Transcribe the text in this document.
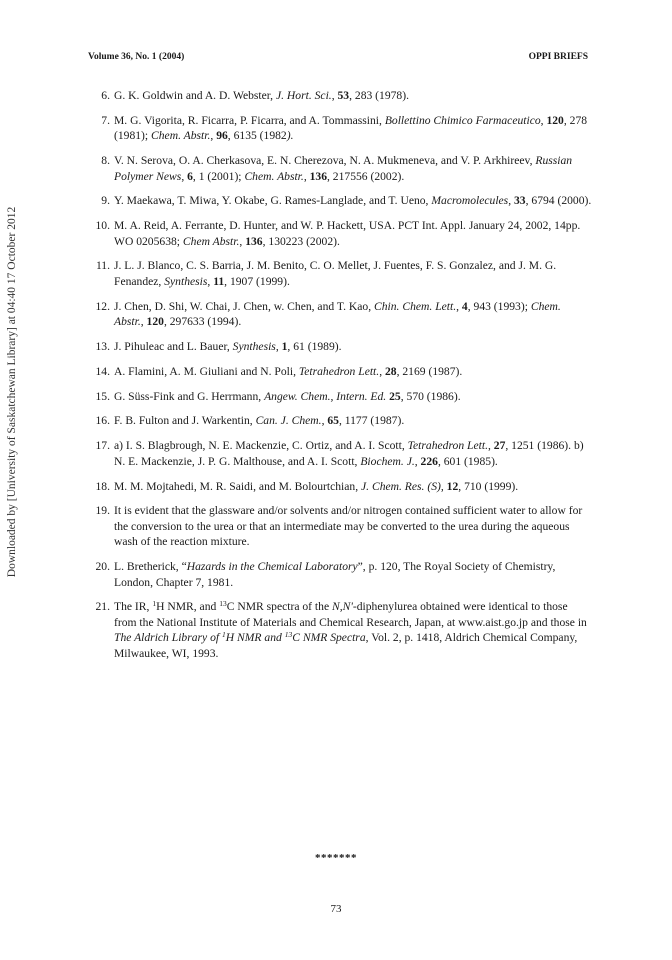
Volume 36, No. 1 (2004)	OPPI BRIEFS
Downloaded by [University of Saskatchewan Library] at 04:40 17 October 2012
6. G. K. Goldwin and A. D. Webster, J. Hort. Sci., 53, 283 (1978).
7. M. G. Vigorita, R. Ficarra, P. Ficarra, and A. Tommassini, Bollettino Chimico Farmaceutico, 120, 278 (1981); Chem. Abstr., 96, 6135 (1982).
8. V. N. Serova, O. A. Cherkasova, E. N. Cherezova, N. A. Mukmeneva, and V. P. Arkhireev, Russian Polymer News, 6, 1 (2001); Chem. Abstr., 136, 217556 (2002).
9. Y. Maekawa, T. Miwa, Y. Okabe, G. Rames-Langlade, and T. Ueno, Macromolecules, 33, 6794 (2000).
10. M. A. Reid, A. Ferrante, D. Hunter, and W. P. Hackett, USA. PCT Int. Appl. January 24, 2002, 14pp. WO 0205638; Chem Abstr., 136, 130223 (2002).
11. J. L. J. Blanco, C. S. Barria, J. M. Benito, C. O. Mellet, J. Fuentes, F. S. Gonzalez, and J. M. G. Fenandez, Synthesis, 11, 1907 (1999).
12. J. Chen, D. Shi, W. Chai, J. Chen, w. Chen, and T. Kao, Chin. Chem. Lett., 4, 943 (1993); Chem. Abstr., 120, 297633 (1994).
13. J. Pihuleac and L. Bauer, Synthesis, 1, 61 (1989).
14. A. Flamini, A. M. Giuliani and N. Poli, Tetrahedron Lett., 28, 2169 (1987).
15. G. Süss-Fink and G. Herrmann, Angew. Chem., Intern. Ed. 25, 570 (1986).
16. F. B. Fulton and J. Warkentin, Can. J. Chem., 65, 1177 (1987).
17. a) I. S. Blagbrough, N. E. Mackenzie, C. Ortiz, and A. I. Scott, Tetrahedron Lett., 27, 1251 (1986). b) N. E. Mackenzie, J. P. G. Malthouse, and A. I. Scott, Biochem. J., 226, 601 (1985).
18. M. M. Mojtahedi, M. R. Saidi, and M. Bolourtchian, J. Chem. Res. (S), 12, 710 (1999).
19. It is evident that the glassware and/or solvents and/or nitrogen contained sufficient water to allow for the conversion to the urea or that an intermediate may be converted to the urea during the aqueous wash of the reaction mixture.
20. L. Bretherick, “Hazards in the Chemical Laboratory”, p. 120, The Royal Society of Chemistry, London, Chapter 7, 1981.
21. The IR, $^1$H NMR, and $^{13}$C NMR spectra of the N,N'-diphenylurea obtained were identical to those from the National Institute of Materials and Chemical Research, Japan, at www.aist.go.jp and those in The Aldrich Library of $^1$H NMR and $^{13}$C NMR Spectra, Vol. 2, p. 1418, Aldrich Chemical Company, Milwaukee, WI, 1993.
*******
73
